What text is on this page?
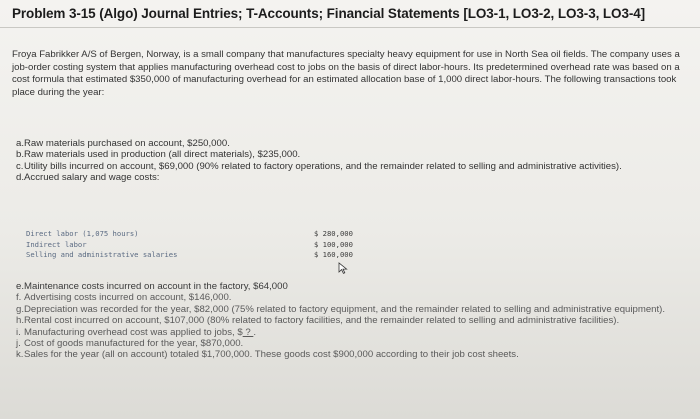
Problem 3-15 (Algo) Journal Entries; T-Accounts; Financial Statements [LO3-1, LO3-2, LO3-3, LO3-4]
Froya Fabrikker A/S of Bergen, Norway, is a small company that manufactures specialty heavy equipment for use in North Sea oil fields. The company uses a job-order costing system that applies manufacturing overhead cost to jobs on the basis of direct labor-hours. Its predetermined overhead rate was based on a cost formula that estimated $350,000 of manufacturing overhead for an estimated allocation base of 1,000 direct labor-hours. The following transactions took place during the year:
a. Raw materials purchased on account, $250,000.
b. Raw materials used in production (all direct materials), $235,000.
c. Utility bills incurred on account, $69,000 (90% related to factory operations, and the remainder related to selling and administrative activities).
d. Accrued salary and wage costs:
Direct labor (1,075 hours)	$ 280,000
Indirect labor	$ 100,000
Selling and administrative salaries	$ 160,000
e. Maintenance costs incurred on account in the factory, $64,000
f. Advertising costs incurred on account, $146,000.
g. Depreciation was recorded for the year, $82,000 (75% related to factory equipment, and the remainder related to selling and administrative equipment).
h. Rental cost incurred on account, $107,000 (80% related to factory facilities, and the remainder related to selling and administrative facilities).
i. Manufacturing overhead cost was applied to jobs, $ ? .
j. Cost of goods manufactured for the year, $870,000.
k. Sales for the year (all on account) totaled $1,700,000. These goods cost $900,000 according to their job cost sheets.
